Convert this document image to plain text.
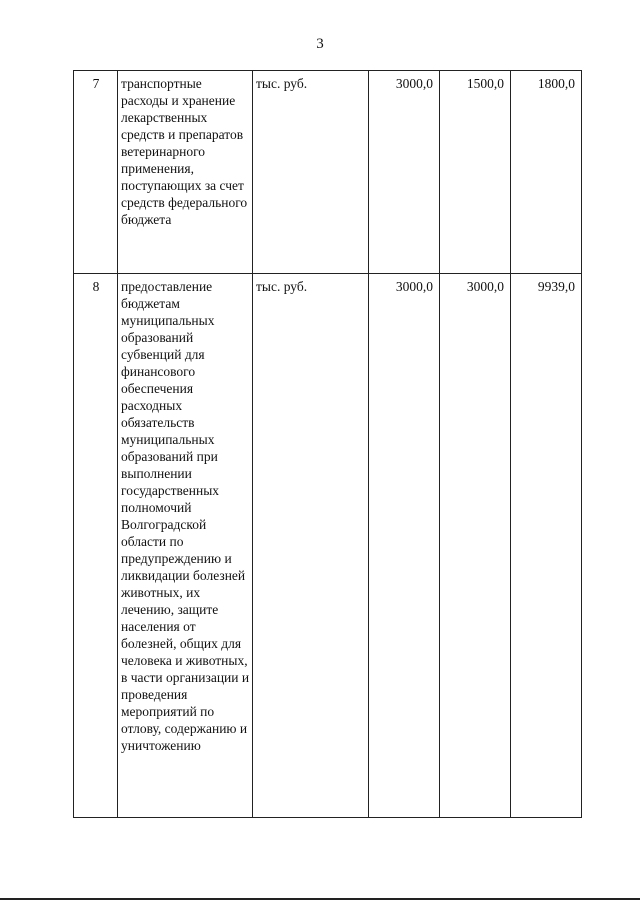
3
7	транспортные расходы и хранение лекарственных средств и препаратов ветеринарного применения, поступающих за счет средств федерального бюджета	тыс. руб.	3000,0	1500,0	1800,0
8	предоставление бюджетам муниципальных образований субвенций для финансового обеспечения расходных обязательств муниципальных образований при выполнении государственных полномочий Волгоградской области по предупреждению и ликвидации болезней животных, их лечению, защите населения от болезней, общих для человека и животных, в части организации и проведения мероприятий по отлову, содержанию и уничтожению	тыс. руб.	3000,0	3000,0	9939,0
